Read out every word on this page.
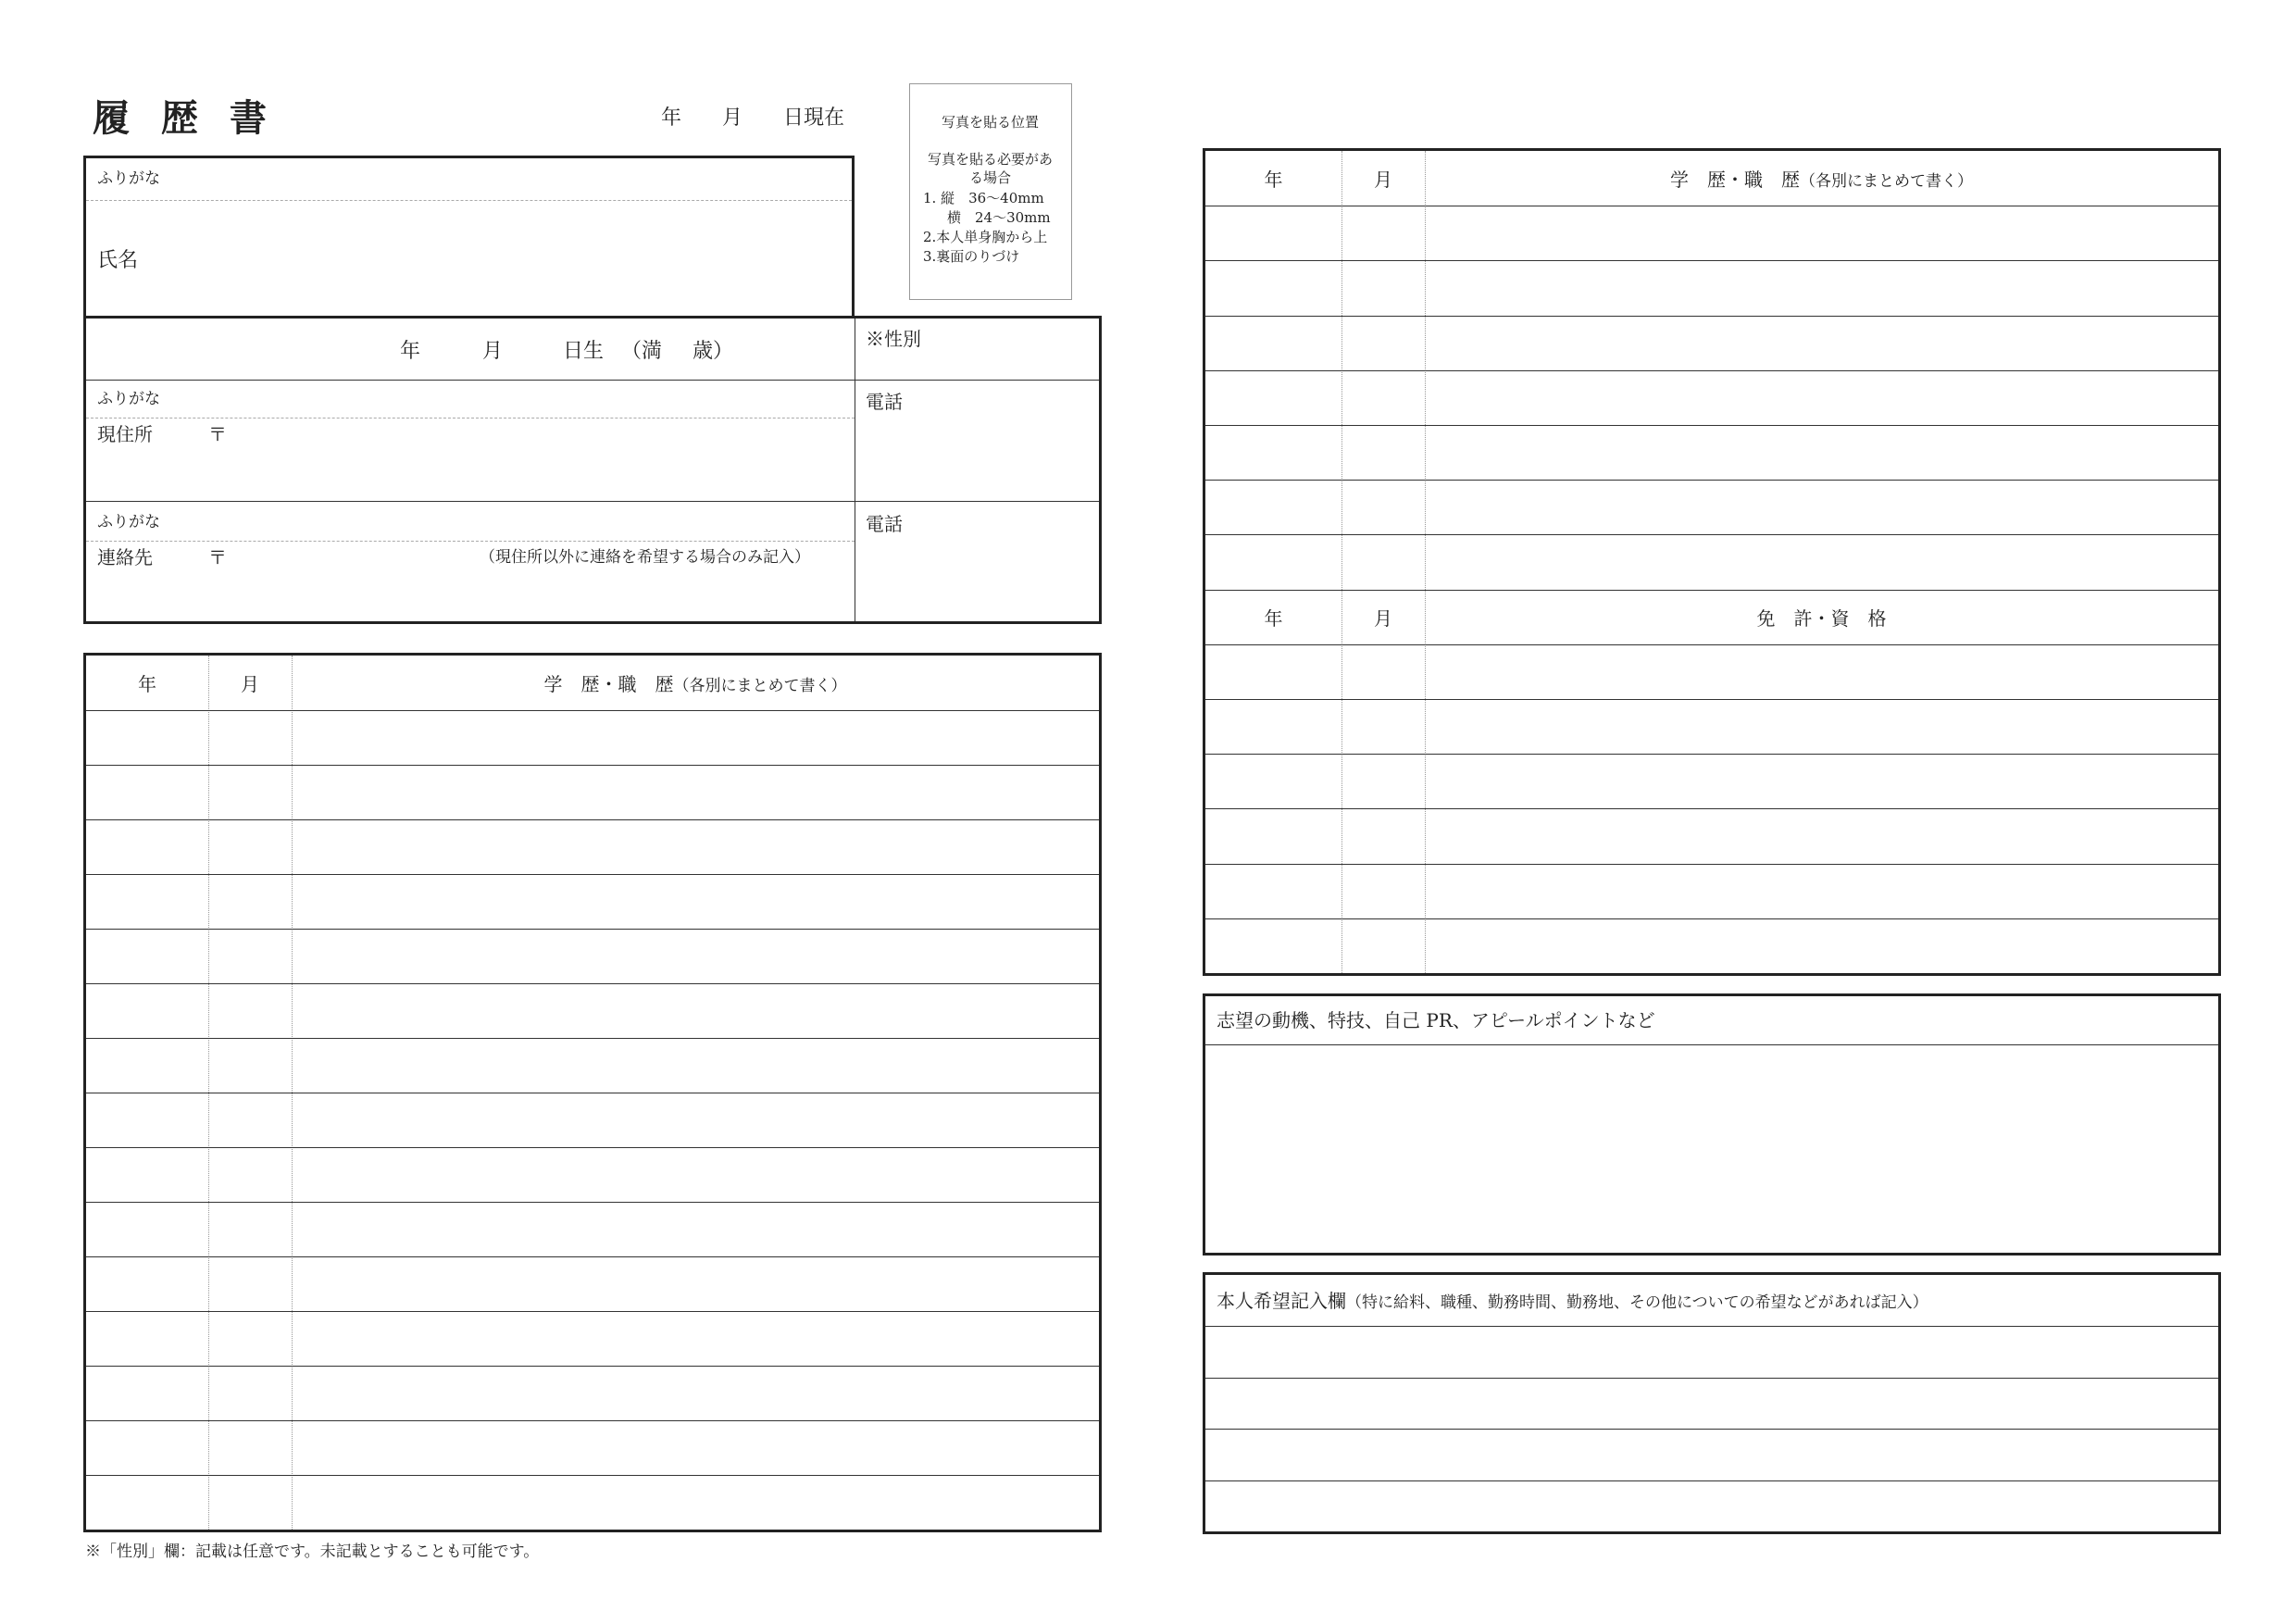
履 歴 書	年 月 日現在	写真を貼る位置
写真を貼る必要があ
る場合
1. 縦　36〜40mm
横　24〜30mm
2.本人単身胸から上
3.裏面のりづけ
ふりがな
氏名
年	月	日生 （満 歳）
※性別
ふりがな
現住所	〒
電話
ふりがな
連絡先	〒	（現住所以外に連絡を希望する場合のみ記入）
電話
年	月	学　歴・職　歴（各別にまとめて書く）
年	月	学　歴・職　歴（各別にまとめて書く）
年	月	免　許・資　格
志望の動機、特技、自己 PR、アピールポイントなど
本人希望記入欄（特に給料、職種、勤務時間、勤務地、その他についての希望などがあれば記入）
※「性別」欄：記載は任意です。未記載とすることも可能です。
